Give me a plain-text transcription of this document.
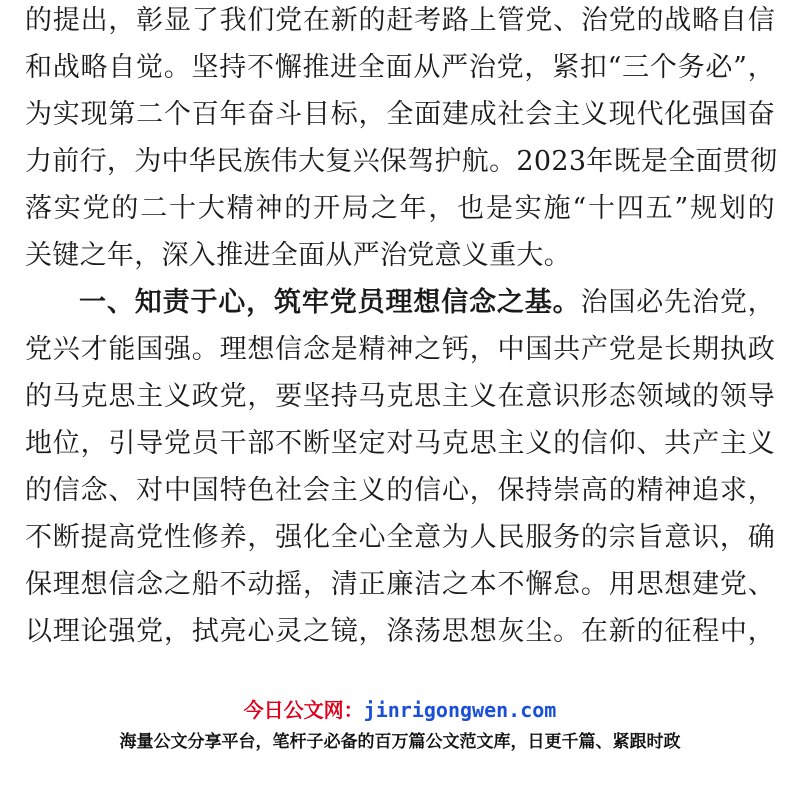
的提出，彰显了我们党在新的赶考路上管党、治党的战略自信
和战略自觉。坚持不懈推进全面从严治党，紧扣“三个务必”，
为实现第二个百年奋斗目标，全面建成社会主义现代化强国奋
力前行，为中华民族伟大复兴保驾护航。2023年既是全面贯彻
落实党的二十大精神的开局之年，也是实施“十四五”规划的
关键之年，深入推进全面从严治党意义重大。
一、知责于心，筑牢党员理想信念之基。治国必先治党，
党兴才能国强。理想信念是精神之钙，中国共产党是长期执政
的马克思主义政党，要坚持马克思主义在意识形态领域的领导
地位，引导党员干部不断坚定对马克思主义的信仰、共产主义
的信念、对中国特色社会主义的信心，保持崇高的精神追求，
不断提高党性修养，强化全心全意为人民服务的宗旨意识，确
保理想信念之船不动摇，清正廉洁之本不懈怠。用思想建党、
以理论强党，拭亮心灵之镜，涤荡思想灰尘。在新的征程中，
今日公文网：jinrigongwen.com
海量公文分享平台，笔杆子必备的百万篇公文范文库，日更千篇、紧跟时政
